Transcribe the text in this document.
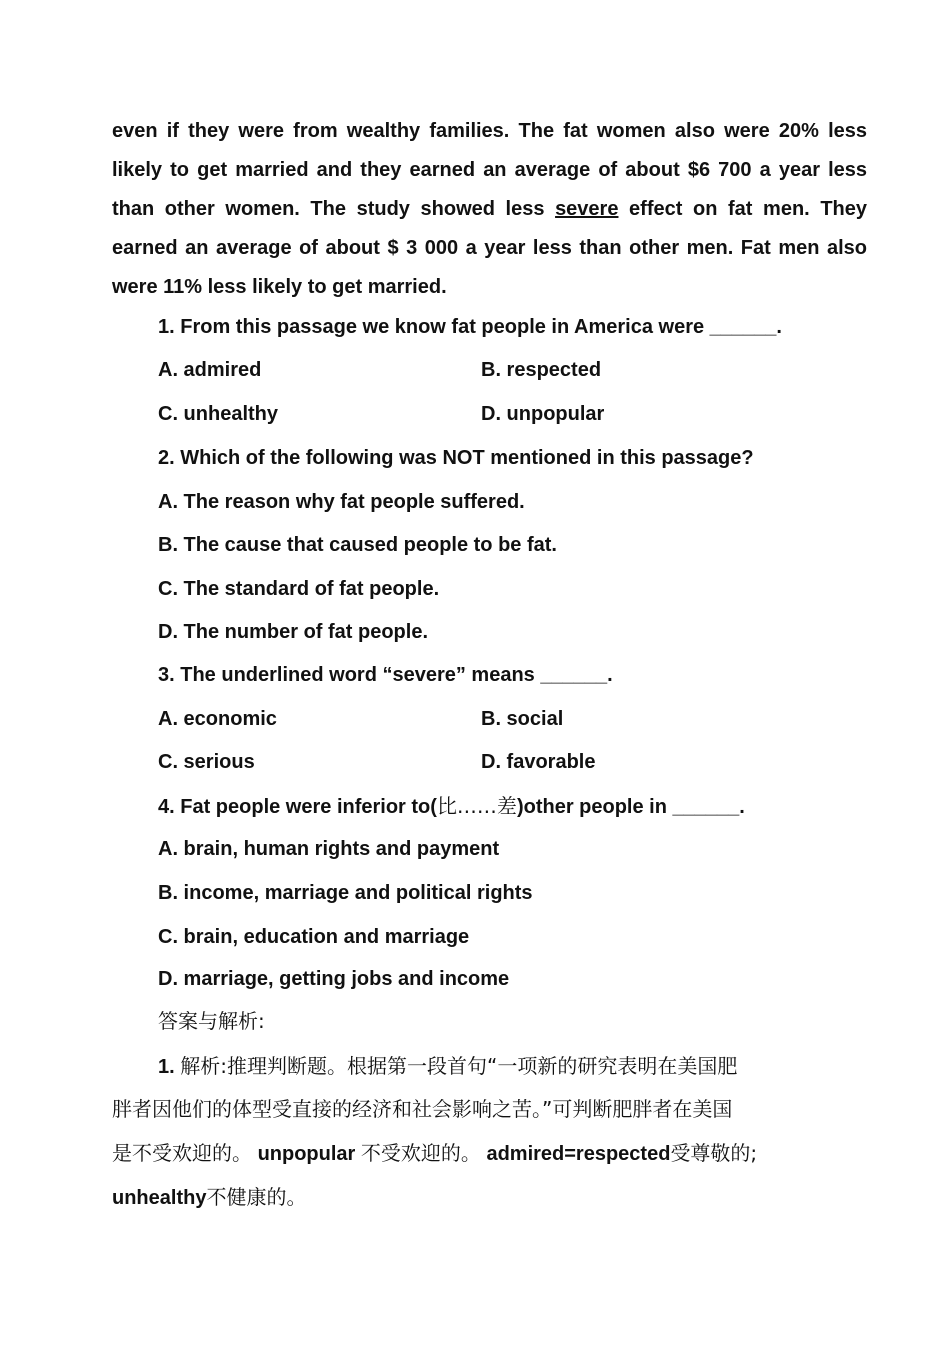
even if they were from wealthy families. The fat women also were 20% less
likely to get married and they earned an average of about $6 700 a year less
than other women. The study showed less severe effect on fat men. They
earned an average of about $ 3 000 a year less than other men. Fat men also
were 11% less likely to get married.
1. From this passage we know fat people in America were ______.
A. admired	B. respected
C. unhealthy	D. unpopular
2. Which of the following was NOT mentioned in this passage?
A. The reason why fat people suffered.
B. The cause that caused people to be fat.
C. The standard of fat people.
D. The number of fat people.
3. The underlined word “severe” means ______.
A. economic	B. social
C. serious	D. favorable
4. Fat people were inferior to(比……差)other people in ______.
A. brain, human rights and payment
B. income, marriage and political rights
C. brain, education and marriage
D. marriage, getting jobs and income
答案与解析:
1. 解析:推理判断题。根据第一段首句“一项新的研究表明在美国肥
胖者因他们的体型受直接的经济和社会影响之苦。”可判断肥胖者在美国
是不受欢迎的。 unpopular 不受欢迎的。 admired=respected受尊敬的;
unhealthy不健康的。
